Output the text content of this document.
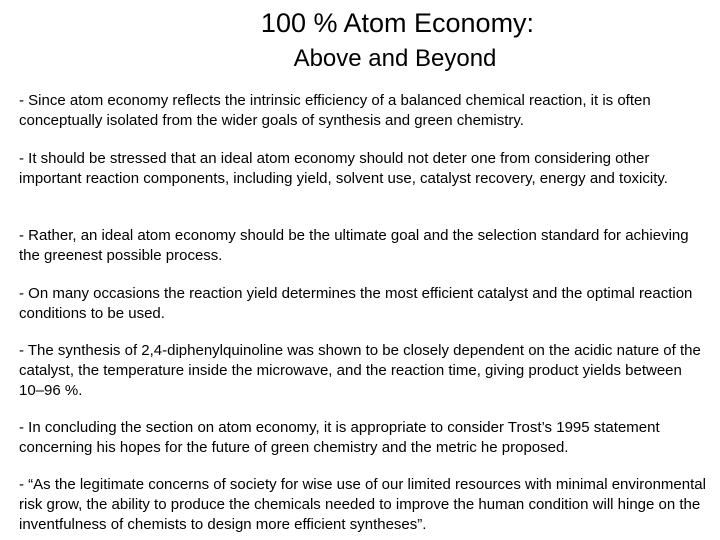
100 % Atom Economy:
Above and Beyond

- Since atom economy reflects the intrinsic efficiency of a balanced chemical reaction, it is often conceptually isolated from the wider goals of synthesis and green chemistry.

- It should be stressed that an ideal atom economy should not deter one from considering other important reaction components, including yield, solvent use, catalyst recovery, energy and toxicity.

- Rather, an ideal atom economy should be the ultimate goal and the selection standard for achieving the greenest possible process.

- On many occasions the reaction yield determines the most efficient catalyst and the optimal reaction conditions to be used.

- The synthesis of 2,4-diphenylquinoline was shown to be closely dependent on the acidic nature of the catalyst, the temperature inside the microwave, and the reaction time, giving product yields between 10–96 %.

- In concluding the section on atom economy, it is appropriate to consider Trost’s 1995 statement concerning his hopes for the future of green chemistry and the metric he proposed.

- “As the legitimate concerns of society for wise use of our limited resources with minimal environmental risk grow, the ability to produce the chemicals needed to improve the human condition will hinge on the inventfulness of chemists to design more efficient syntheses”.
